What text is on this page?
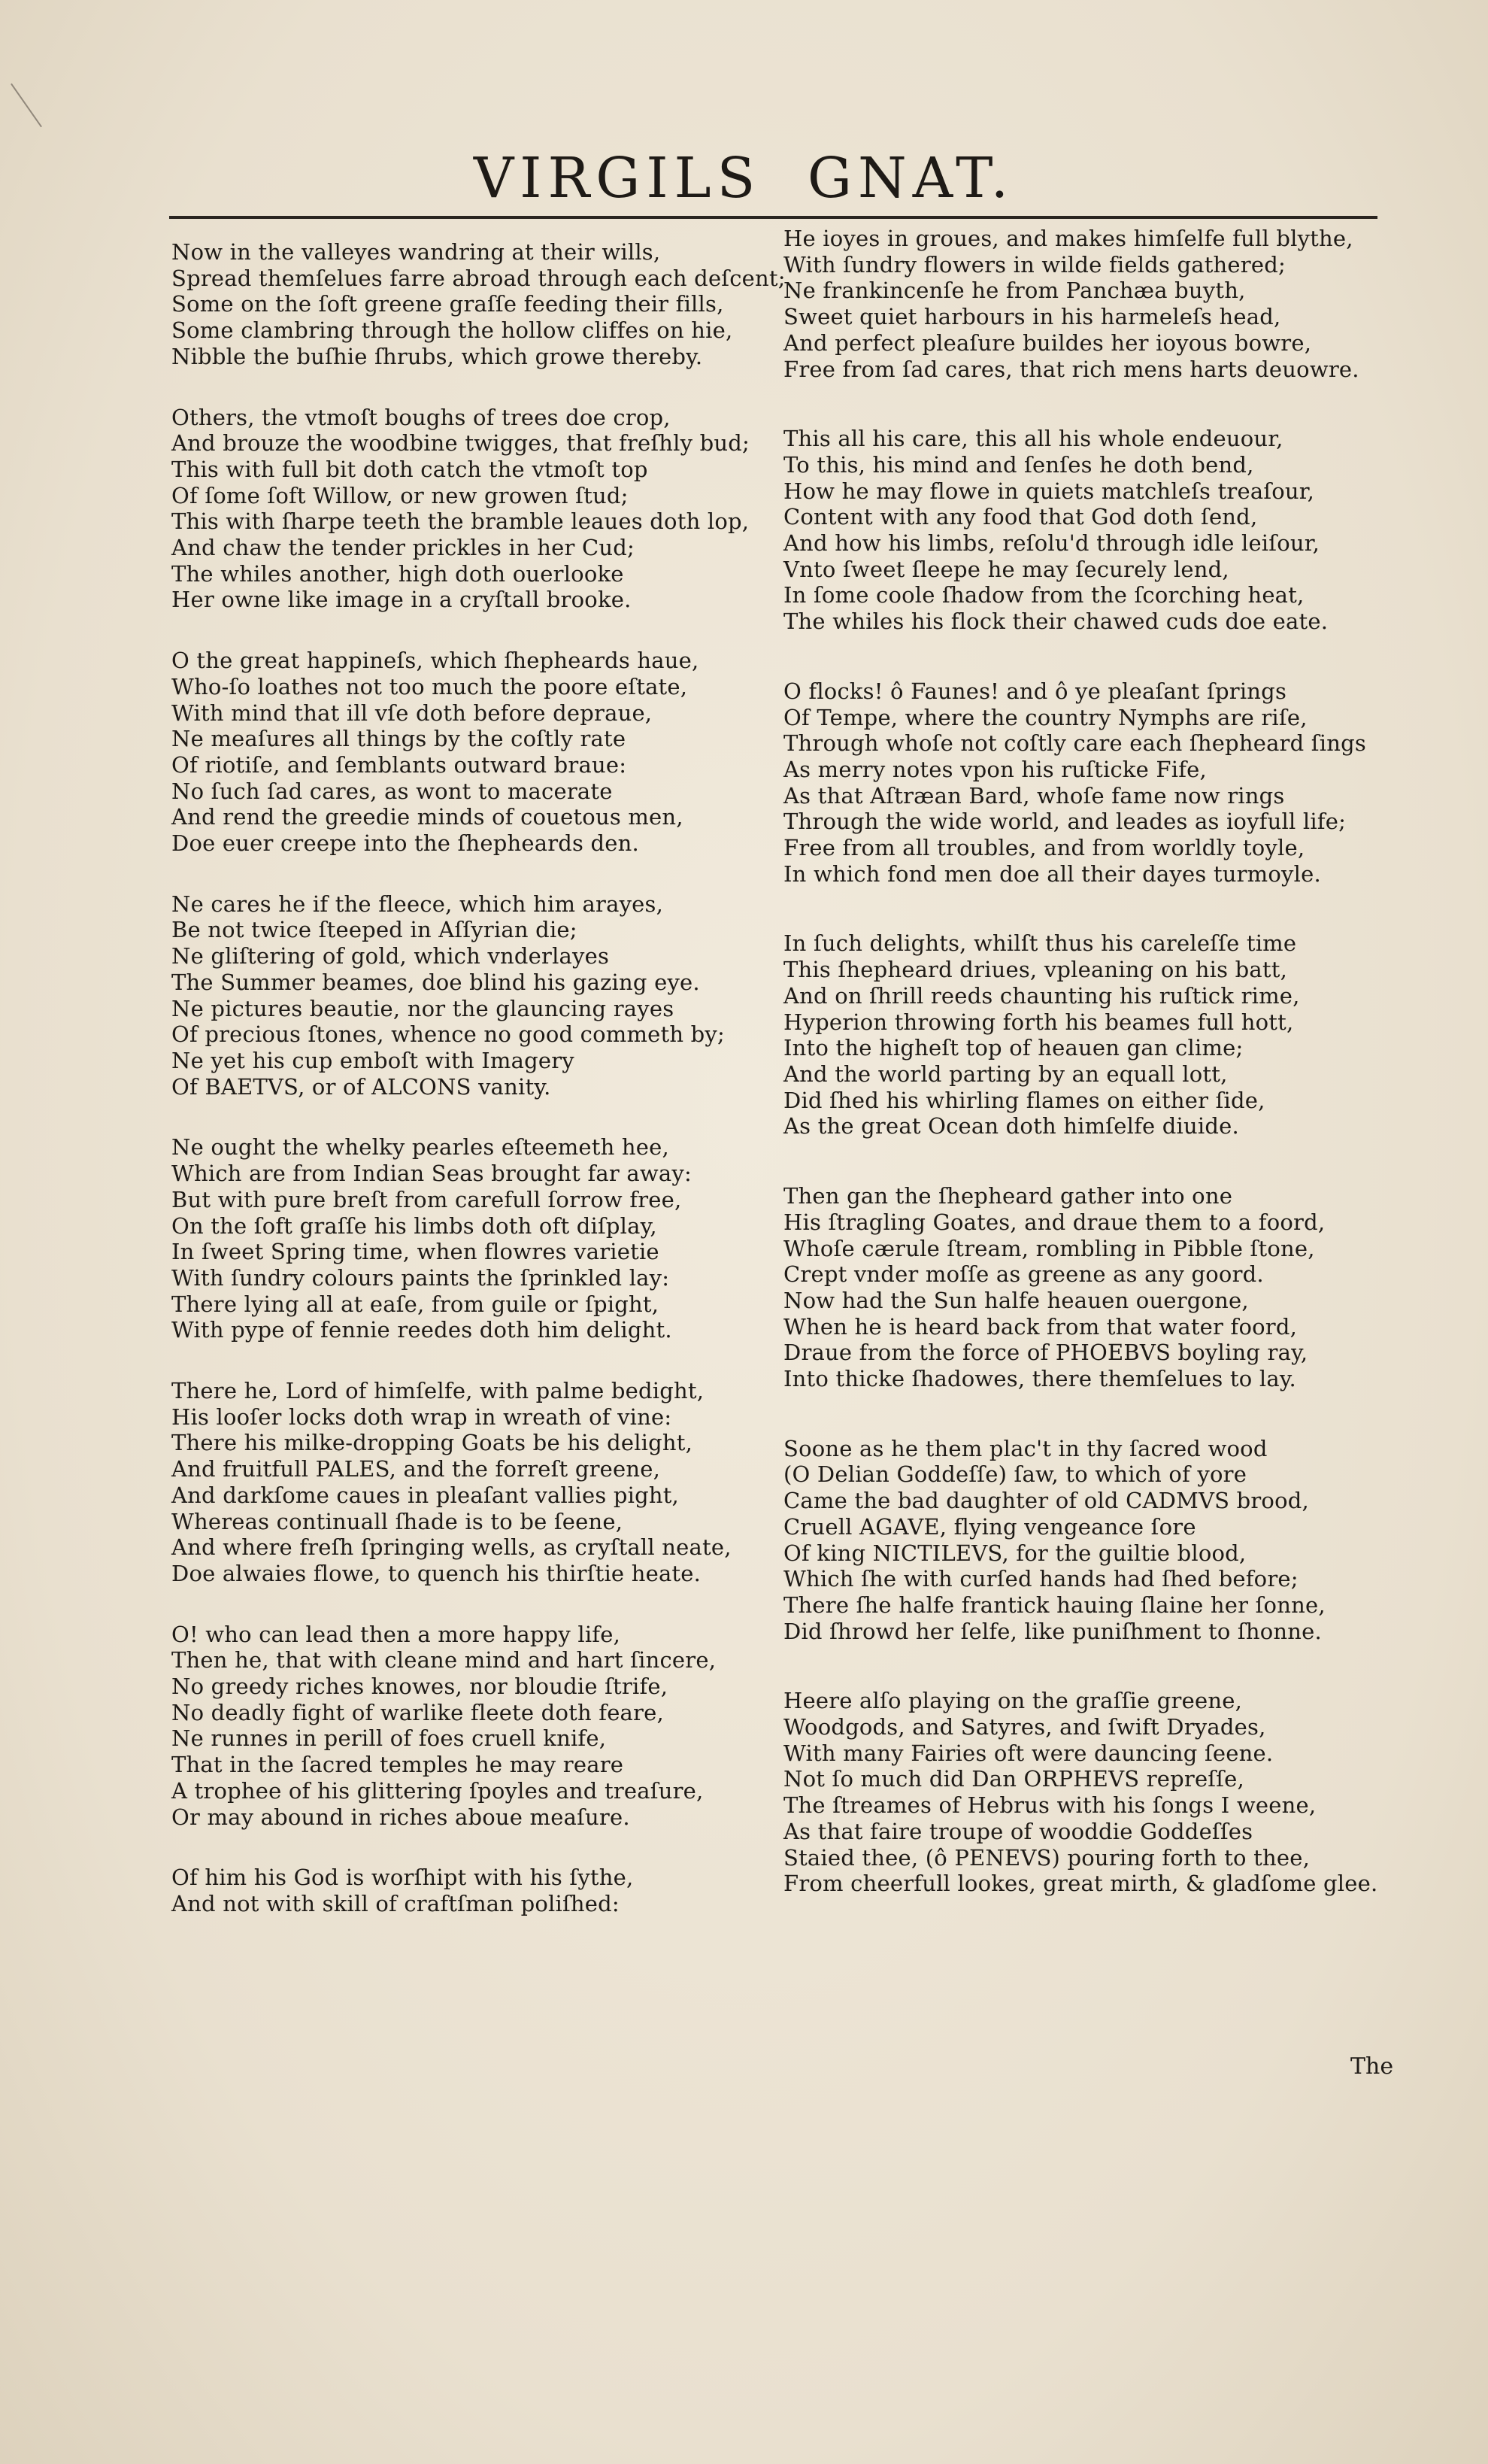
VIRGILS GNAT.
Now in the valleyes wandring at their wills,
Spread themſelues farre abroad through each deſcent;
Some on the ſoft greene graſſe feeding their fills,
Some clambring through the hollow cliffes on hie,
Nibble the buſhie ſhrubs, which growe thereby.
Others, the vtmoſt boughs of trees doe crop,
And brouze the woodbine twigges, that freſhly bud;
This with full bit doth catch the vtmoſt top
Of ſome ſoft Willow, or new growen ſtud;
This with ſharpe teeth the bramble leaues doth lop,
And chaw the tender prickles in her Cud;
The whiles another, high doth ouerlooke
Her owne like image in a cryſtall brooke.
O the great happineſs, which ſhepheards haue,
Who-ſo loathes not too much the poore eſtate,
With mind that ill vſe doth before depraue,
Ne meaſures all things by the coſtly rate
Of riotiſe, and ſemblants outward braue:
No ſuch ſad cares, as wont to macerate
And rend the greedie minds of couetous men,
Doe euer creepe into the ſhepheards den.
Ne cares he if the fleece, which him arayes,
Be not twice ſteeped in Aſſyrian die;
Ne gliſtering of gold, which vnderlayes
The Summer beames, doe blind his gazing eye.
Ne pictures beautie, nor the glauncing rayes
Of precious ſtones, whence no good commeth by;
Ne yet his cup emboſt with Imagery
Of BAETVS, or of ALCONS vanity.
Ne ought the whelky pearles eſteemeth hee,
Which are from Indian Seas brought far away:
But with pure breſt from carefull ſorrow free,
On the ſoft graſſe his limbs doth oft diſplay,
In ſweet Spring time, when flowres varietie
With ſundry colours paints the ſprinkled lay:
There lying all at eaſe, from guile or ſpight,
With pype of fennie reedes doth him delight.
There he, Lord of himſelfe, with palme bedight,
His looſer locks doth wrap in wreath of vine:
There his milke-dropping Goats be his delight,
And fruitfull PALES, and the forreſt greene,
And darkſome caues in pleaſant vallies pight,
Whereas continuall ſhade is to be ſeene,
And where freſh ſpringing wells, as cryſtall neate,
Doe alwaies flowe, to quench his thirſtie heate.
O! who can lead then a more happy life,
Then he, that with cleane mind and hart ſincere,
No greedy riches knowes, nor bloudie ſtrife,
No deadly fight of warlike fleete doth feare,
Ne runnes in perill of foes cruell knife,
That in the ſacred temples he may reare
A trophee of his glittering ſpoyles and treaſure,
Or may abound in riches aboue meaſure.
Of him his God is worſhipt with his ſythe,
And not with skill of craftſman poliſhed:
He ioyes in groues, and makes himſelfe full blythe,
With ſundry flowers in wilde fields gathered;
Ne frankincenſe he from Panchæa buyth,
Sweet quiet harbours in his harmeleſs head,
And perfect pleaſure buildes her ioyous bowre,
Free from ſad cares, that rich mens harts deuowre.
This all his care, this all his whole endeuour,
To this, his mind and ſenſes he doth bend,
How he may flowe in quiets matchleſs treaſour,
Content with any food that God doth ſend,
And how his limbs, reſolu'd through idle leiſour,
Vnto ſweet ſleepe he may ſecurely lend,
In ſome coole ſhadow from the ſcorching heat,
The whiles his flock their chawed cuds doe eate.
O flocks! ô Faunes! and ô ye pleaſant ſprings
Of Tempe, where the country Nymphs are riſe,
Through whoſe not coſtly care each ſhepheard ſings
As merry notes vpon his ruſticke Fife,
As that Aſtræan Bard, whoſe fame now rings
Through the wide world, and leades as ioyfull life;
Free from all troubles, and from worldly toyle,
In which fond men doe all their dayes turmoyle.
In ſuch delights, whilſt thus his careleſſe time
This ſhepheard driues, vpleaning on his batt,
And on ſhrill reeds chaunting his ruſtick rime,
Hyperion throwing forth his beames full hott,
Into the higheſt top of heauen gan clime;
And the world parting by an equall lott,
Did ſhed his whirling flames on either ſide,
As the great Ocean doth himſelfe diuide.
Then gan the ſhepheard gather into one
His ſtragling Goates, and draue them to a foord,
Whoſe cærule ſtream, rombling in Pibble ſtone,
Crept vnder moſſe as greene as any goord.
Now had the Sun halfe heauen ouergone,
When he is heard back from that water foord,
Draue from the force of PHOEBVS boyling ray,
Into thicke ſhadowes, there themſelues to lay.
Soone as he them plac't in thy ſacred wood
(O Delian Goddeſſe) ſaw, to which of yore
Came the bad daughter of old CADMVS brood,
Cruell AGAVE, flying vengeance ſore
Of king NICTILEVS, for the guiltie blood,
Which ſhe with curſed hands had ſhed before;
There ſhe halfe frantick hauing ſlaine her ſonne,
Did ſhrowd her ſelfe, like puniſhment to ſhonne.
Heere alſo playing on the graſſie greene,
Woodgods, and Satyres, and ſwift Dryades,
With many Fairies oft were dauncing ſeene.
Not ſo much did Dan ORPHEVS repreſſe,
The ſtreames of Hebrus with his ſongs I weene,
As that faire troupe of wooddie Goddeſſes
Staied thee, (ô PENEVS) pouring forth to thee,
From cheerfull lookes, great mirth, & gladſome glee.
The
